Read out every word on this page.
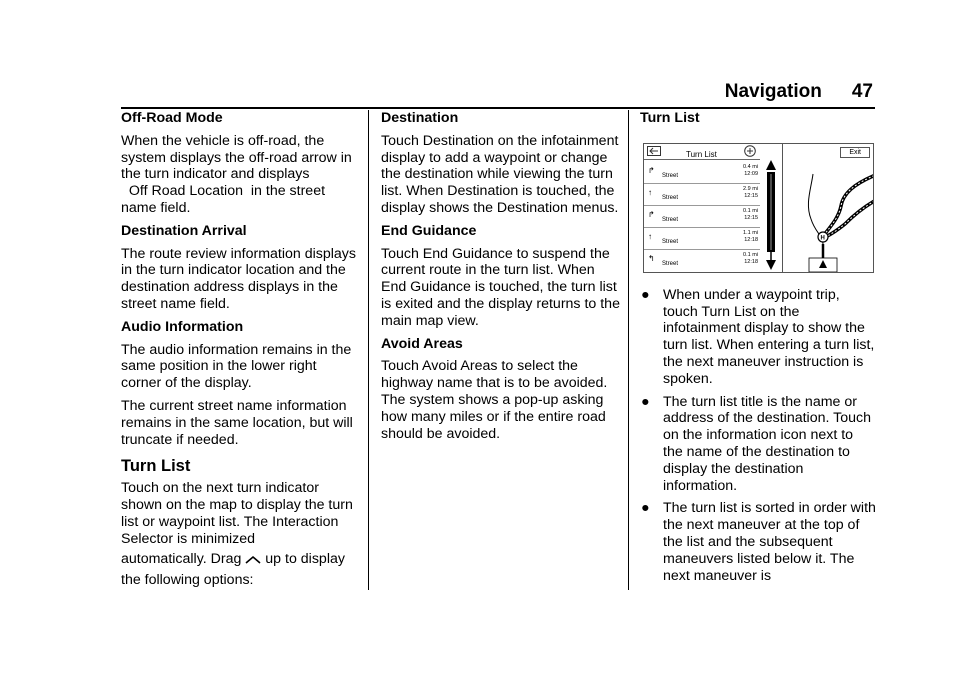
Navigation 47
Off-Road Mode

When the vehicle is off-road, the system displays the off-road arrow in the turn indicator and displays
Off Road Location in the street name field.

Destination Arrival

The route review information displays in the turn indicator location and the destination address displays in the street name field.

Audio Information

The audio information remains in the same position in the lower right corner of the display.

The current street name information remains in the same location, but will truncate if needed.

Turn List

Touch on the next turn indicator shown on the map to display the turn list or waypoint list. The Interaction Selector is minimized

automatically. Drag up to display

the following options:

Destination

Touch Destination on the infotainment display to add a waypoint or change the destination while viewing the turn list. When Destination is touched, the display shows the Destination menus.

End Guidance

Touch End Guidance to suspend the current route in the turn list. When End Guidance is touched, the turn list is exited and the display returns to the main map view.

Avoid Areas

Touch Avoid Areas to select the highway name that is to be avoided. The system shows a pop-up asking how many miles or if the entire road should be avoided.

Turn List
Turn List
↱
Street
0.4 mi
12:09
↑
Street
2.9 mi
12:15
↱
Street
0.1 mi
12:15
↑
Street
1.1 mi
12:18
↰
Street
0.1 mi
12:18
H
Exit
● When under a waypoint trip, touch Turn List on the infotainment display to show the turn list. When entering a turn list, the next maneuver instruction is spoken.
● The turn list title is the name or address of the destination. Touch on the information icon next to the name of the destination to display the destination information.
● The turn list is sorted in order with the next maneuver at the top of the list and the subsequent maneuvers listed below it. The next maneuver is
